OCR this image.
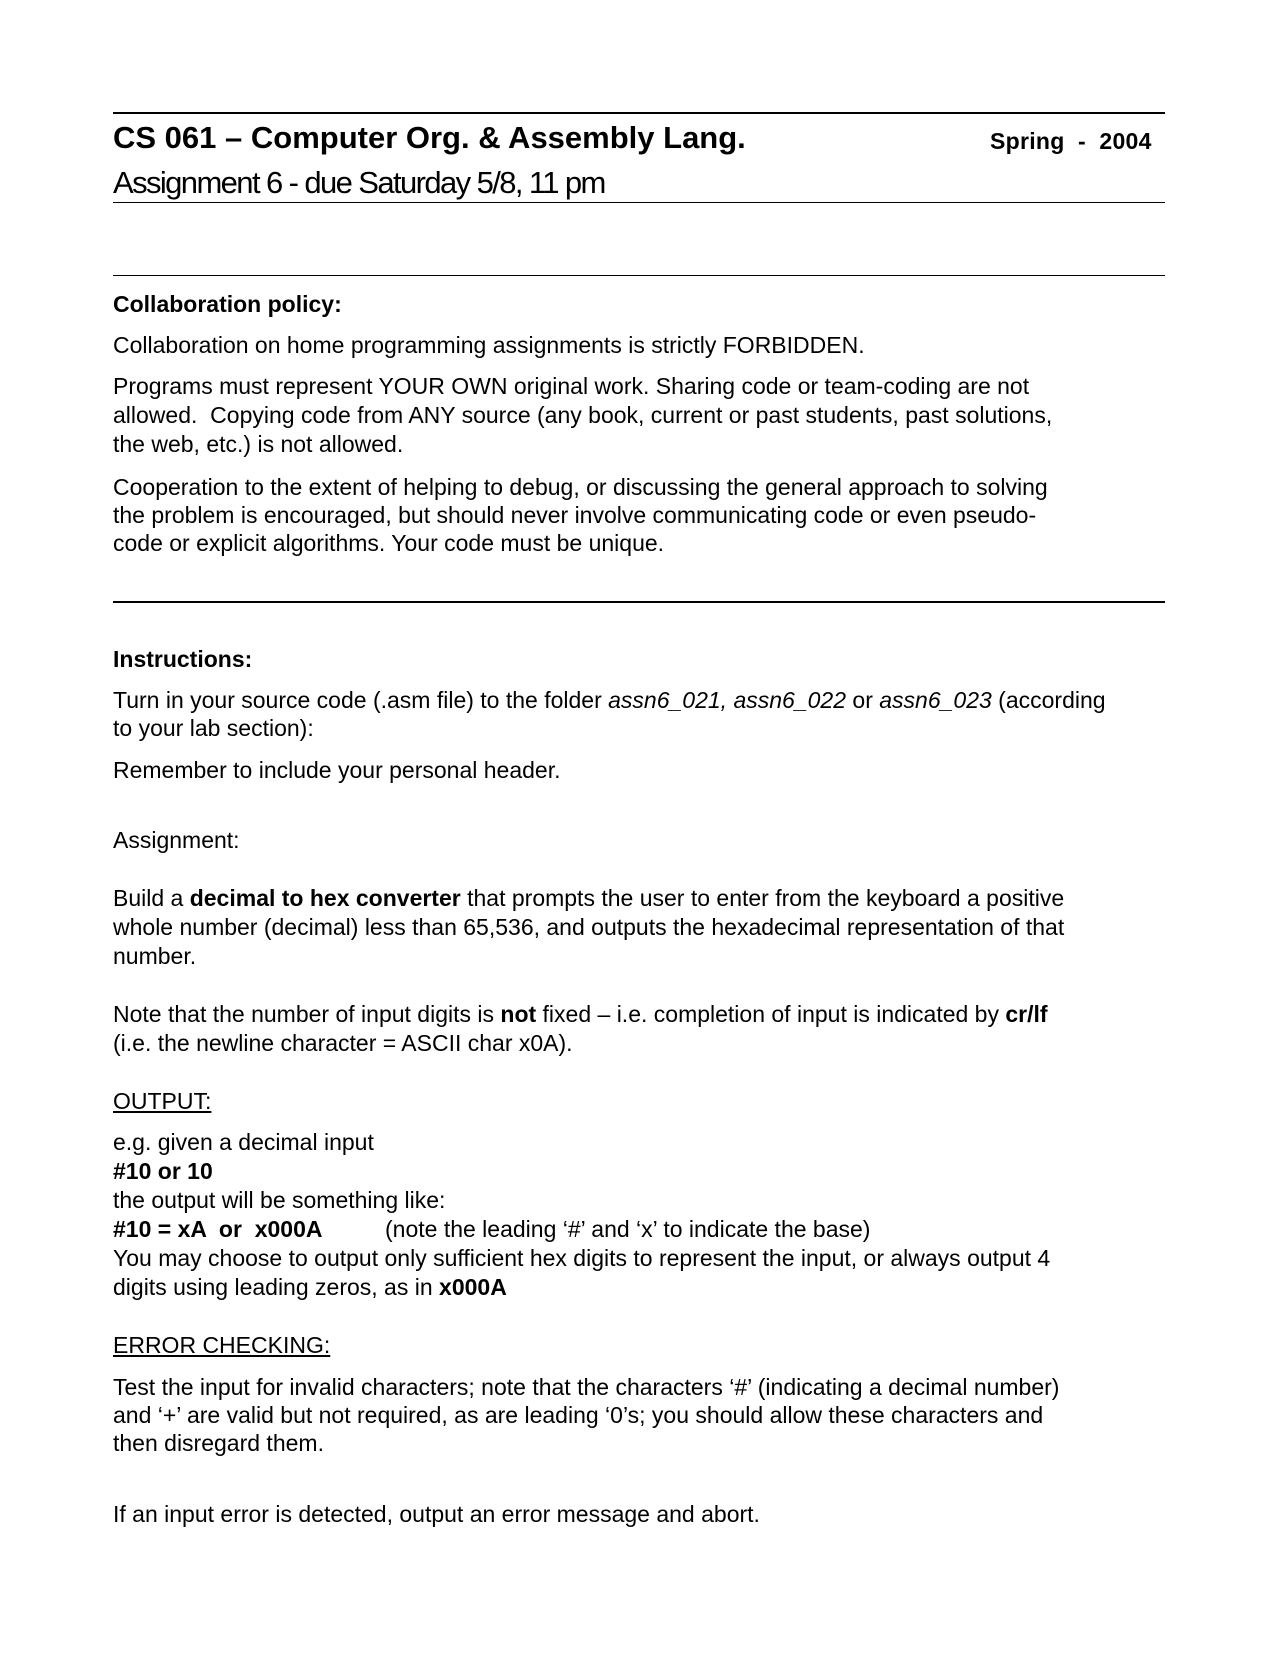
CS 061 – Computer Org. & Assembly Lang.	Spring  -  2004
Assignment 6 - due Saturday 5/8, 11 pm
Collaboration policy:
Collaboration on home programming assignments is strictly FORBIDDEN.
Programs must represent YOUR OWN original work. Sharing code or team-coding are not
allowed.  Copying code from ANY source (any book, current or past students, past solutions,
the web, etc.) is not allowed.
Cooperation to the extent of helping to debug, or discussing the general approach to solving
the problem is encouraged, but should never involve communicating code or even pseudo-
code or explicit algorithms. Your code must be unique.
Instructions:
Turn in your source code (.asm file) to the folder assn6_021, assn6_022 or assn6_023 (according
to your lab section):
Remember to include your personal header.
Assignment:
Build a decimal to hex converter that prompts the user to enter from the keyboard a positive
whole number (decimal) less than 65,536, and outputs the hexadecimal representation of that
number.
Note that the number of input digits is not fixed – i.e. completion of input is indicated by cr/lf
(i.e. the newline character = ASCII char x0A).
OUTPUT:
e.g. given a decimal input
#10 or 10
the output will be something like:
#10 = xA  or  x000A	(note the leading ‘#’ and ‘x’ to indicate the base)
You may choose to output only sufficient hex digits to represent the input, or always output 4
digits using leading zeros, as in x000A
ERROR CHECKING:
Test the input for invalid characters; note that the characters ‘#’ (indicating a decimal number)
and ‘+’ are valid but not required, as are leading ‘0’s; you should allow these characters and
then disregard them.
If an input error is detected, output an error message and abort.
